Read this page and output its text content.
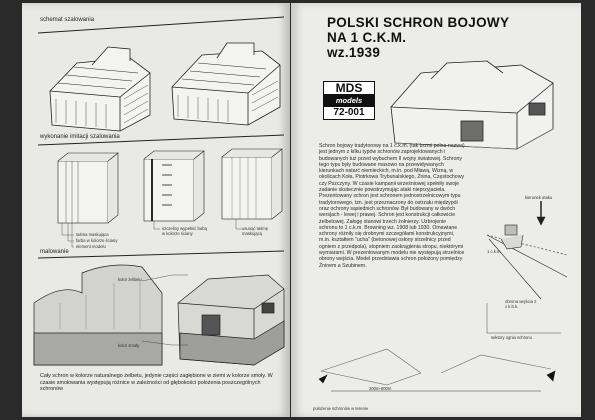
schemat szalowania
wykonanie imitacji szalowania
taśma maskująca
farba w kolorze ściany
element modelu
szczeliny wypełnić farbą w kolorze ściany
usunąć taśmę maskującą
malowanie
kolor żelbetu
kolor smoły
Cały schron w kolorze naturalnego żelbetu, jedynie części zagłębione w ziemi w kolorze smoły. W czasie smołowania występują różnice w zależności od głębokości położenia poszczególnych schronów
POLSKI SCHRON BOJOWY
NA 1 C.K.M.
wz.1939
MDS
models
72-001
Schron bojowy tradytorowy na 1 c.k.m. (tak brzmi pełna nazwa) jest jednym z kilku typów schronów zaprojektowanych i budowanych tuż przed wybuchem II wojny światowej. Schrony tego typu były budowane masowo na przewidywanych kierunkach natarć niemieckich, m.in. pod Mławą, Wizną, w okolicach Koła, Piotrkowa Trybunalskiego, Żnina, Częstochowy czy Pszczyny. W czasie kampanii wrześniowej spełniły swoje zadanie skutecznie powstrzymując ataki nieprzyjaciela. Prezentowany schron jest schronem jednostrzelnicowym typu tradytorowego, tzn. jest przeznaczony do ostrzału międzypól oraz ochrony sąsiednich schronów. Był budowany w dwóch wersjach - lewej i prawej. Schron jest konstrukcji całkowicie żelbetowej. Załogę stanowi trzech żołnierzy. Uzbrojenie schronu to 1 c.k.m. Browning wz. 1908 lub 1930. Omawiane schrony różniły się drobnymi szczegółami konstrukcyjnymi, m.in. kształtem "ucha" (betonowej osłony strzelnicy przed ogniem z przedpola), stopniem zaokrąglenia stropu, niektórymi wymiarami. W prezentowanym modelu nie występują strzelnice obrony wejścia. Model przedstawia schron położony pomiędzy Żninem a Szubinem.
kierunek ataku
1 c.k.m.
obrona wejścia 2 x k.b.k.
sektory ognia schronu
200m-600m
położenie schronów w terenie
